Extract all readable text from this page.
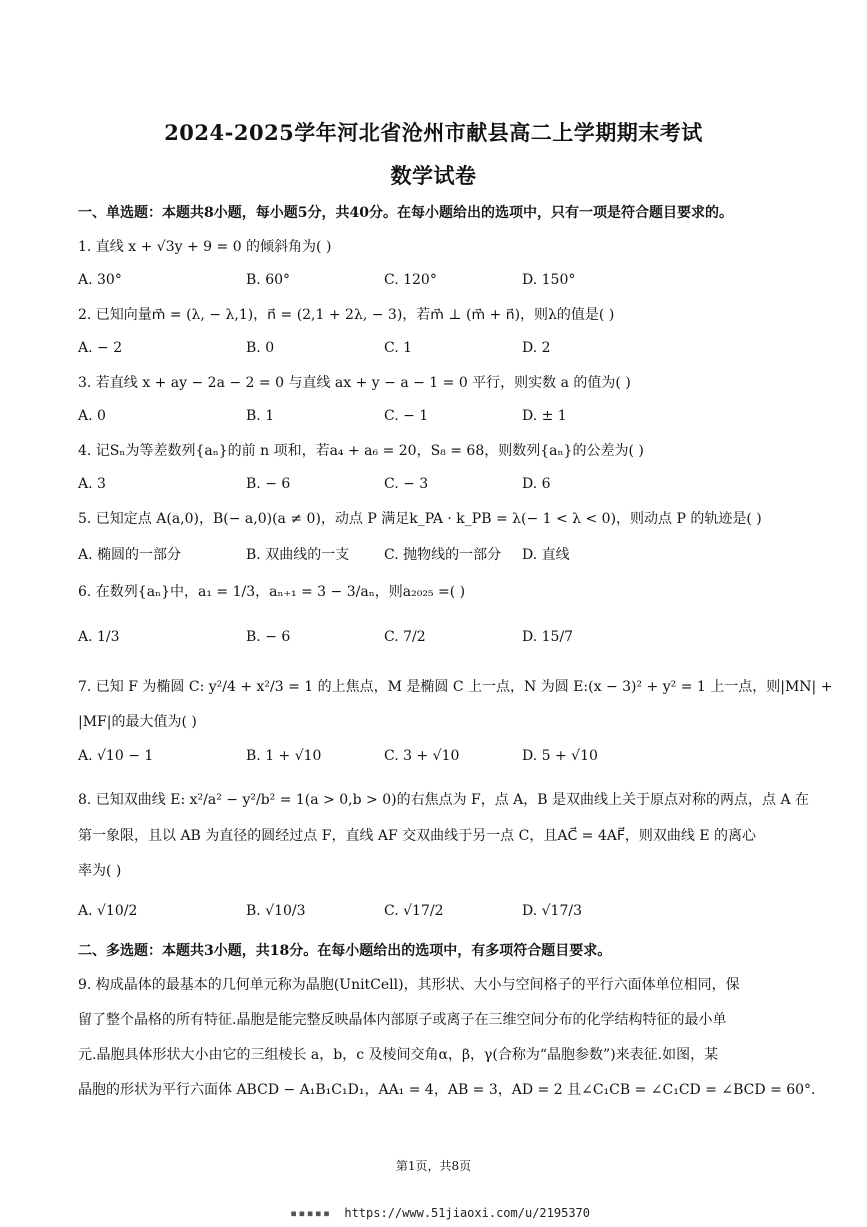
2024-2025学年河北省沧州市献县高二上学期期末考试
数学试卷
一、单选题：本题共8小题，每小题5分，共40分。在每小题给出的选项中，只有一项是符合题目要求的。
1. 直线 x + √3y + 9 = 0 的倾斜角为( )
A. 30°	B. 60°	C. 120°	D. 150°
2. 已知向量m⃗ = (λ, − λ,1)，n⃗ = (2,1 + 2λ, − 3)，若m⃗ ⊥ (m⃗ + n⃗)，则λ的值是( )
A. − 2	B. 0	C. 1	D. 2
3. 若直线 x + ay − 2a − 2 = 0 与直线 ax + y − a − 1 = 0 平行，则实数 a 的值为( )
A. 0	B. 1	C. − 1	D. ± 1
4. 记Sₙ为等差数列{aₙ}的前 n 项和，若a₄ + a₆ = 20，S₈ = 68，则数列{aₙ}的公差为( )
A. 3	B. − 6	C. − 3	D. 6
5. 已知定点 A(a,0)，B(− a,0)(a ≠ 0)，动点 P 满足k_PA · k_PB = λ(− 1 < λ < 0)，则动点 P 的轨迹是( )
A. 椭圆的一部分	B. 双曲线的一支 C. 抛物线的一部分 D. 直线
6. 在数列{aₙ}中，a₁ = 1/3，aₙ₊₁ = 3 − 3/aₙ，则a₂₀₂₅ =( )
A. 1/3	B. − 6	C. 7/2	D. 15/7
7. 已知 F 为椭圆 C: y²/4 + x²/3 = 1 的上焦点，M 是椭圆 C 上一点，N 为圆 E:(x − 3)² + y² = 1 上一点，则|MN| +
|MF|的最大值为( )
A. √10 − 1	B. 1 + √10	C. 3 + √10	D. 5 + √10
8. 已知双曲线 E: x²/a² − y²/b² = 1(a > 0,b > 0)的右焦点为 F，点 A，B 是双曲线上关于原点对称的两点，点 A 在
第一象限，且以 AB 为直径的圆经过点 F，直线 AF 交双曲线于另一点 C，且AC⃗ = 4AF⃗，则双曲线 E 的离心
率为( )
A. √10/2	B. √10/3	C. √17/2	D. √17/3
二、多选题：本题共3小题，共18分。在每小题给出的选项中，有多项符合题目要求。
9. 构成晶体的最基本的几何单元称为晶胞(UnitCell)，其形状、大小与空间格子的平行六面体单位相同，保
留了整个晶格的所有特征.晶胞是能完整反映晶体内部原子或离子在三维空间分布的化学结构特征的最小单
元.晶胞具体形状大小由它的三组棱长 a，b，c 及棱间交角α，β，γ(合称为“晶胞参数”)来表征.如图，某
晶胞的形状为平行六面体 ABCD − A₁B₁C₁D₁，AA₁ = 4，AB = 3，AD = 2 且∠C₁CB = ∠C₁CD = ∠BCD = 60°.
第1页，共8页
▪▪▪▪▪ https://www.51jiaoxi.com/u/2195370
